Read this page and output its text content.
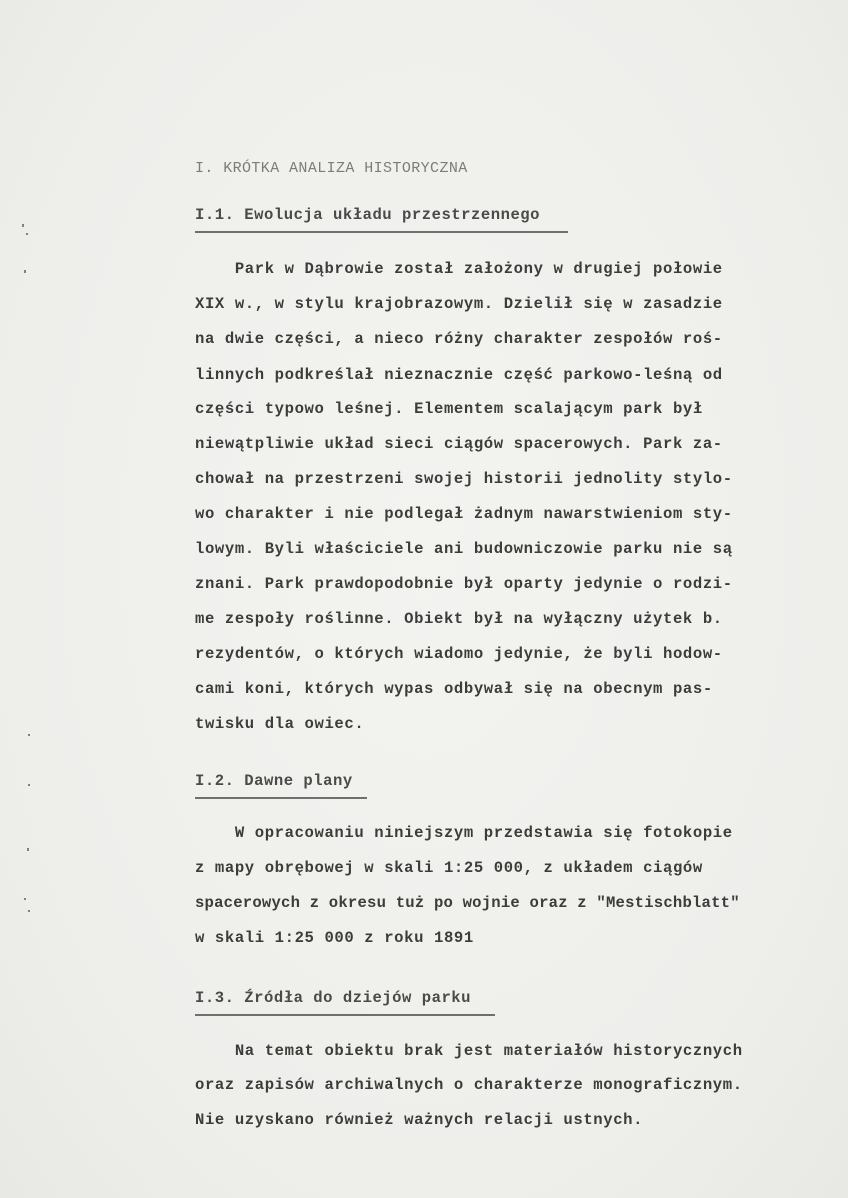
I. KRÓTKA ANALIZA HISTORYCZNA
I.1. Ewolucja układu przestrzennego
Park w Dąbrowie został założony w drugiej połowie
XIX w., w stylu krajobrazowym. Dzielił się w zasadzie
na dwie części, a nieco różny charakter zespołów roś-
linnych podkreślał nieznacznie część parkowo-leśną od
części typowo leśnej. Elementem scalającym park był
niewątpliwie układ sieci ciągów spacerowych. Park za-
chował na przestrzeni swojej historii jednolity stylo-
wo charakter i nie podlegał żadnym nawarstwieniom sty-
lowym. Byli właściciele ani budowniczowie parku nie są
znani. Park prawdopodobnie był oparty jedynie o rodzi-
me zespoły roślinne. Obiekt był na wyłączny użytek b.
rezydentów, o których wiadomo jedynie, że byli hodow-
cami koni, których wypas odbywał się na obecnym pas-
twisku dla owiec.
I.2. Dawne plany
W opracowaniu niniejszym przedstawia się fotokopie
z mapy obrębowej w skali 1:25 000, z układem ciągów
spacerowych z okresu tuż po wojnie oraz z "Mestischblatt"
w skali 1:25 000 z roku 1891
I.3. Źródła do dziejów parku
Na temat obiektu brak jest materiałów historycznych
oraz zapisów archiwalnych o charakterze monograficznym.
Nie uzyskano również ważnych relacji ustnych.
